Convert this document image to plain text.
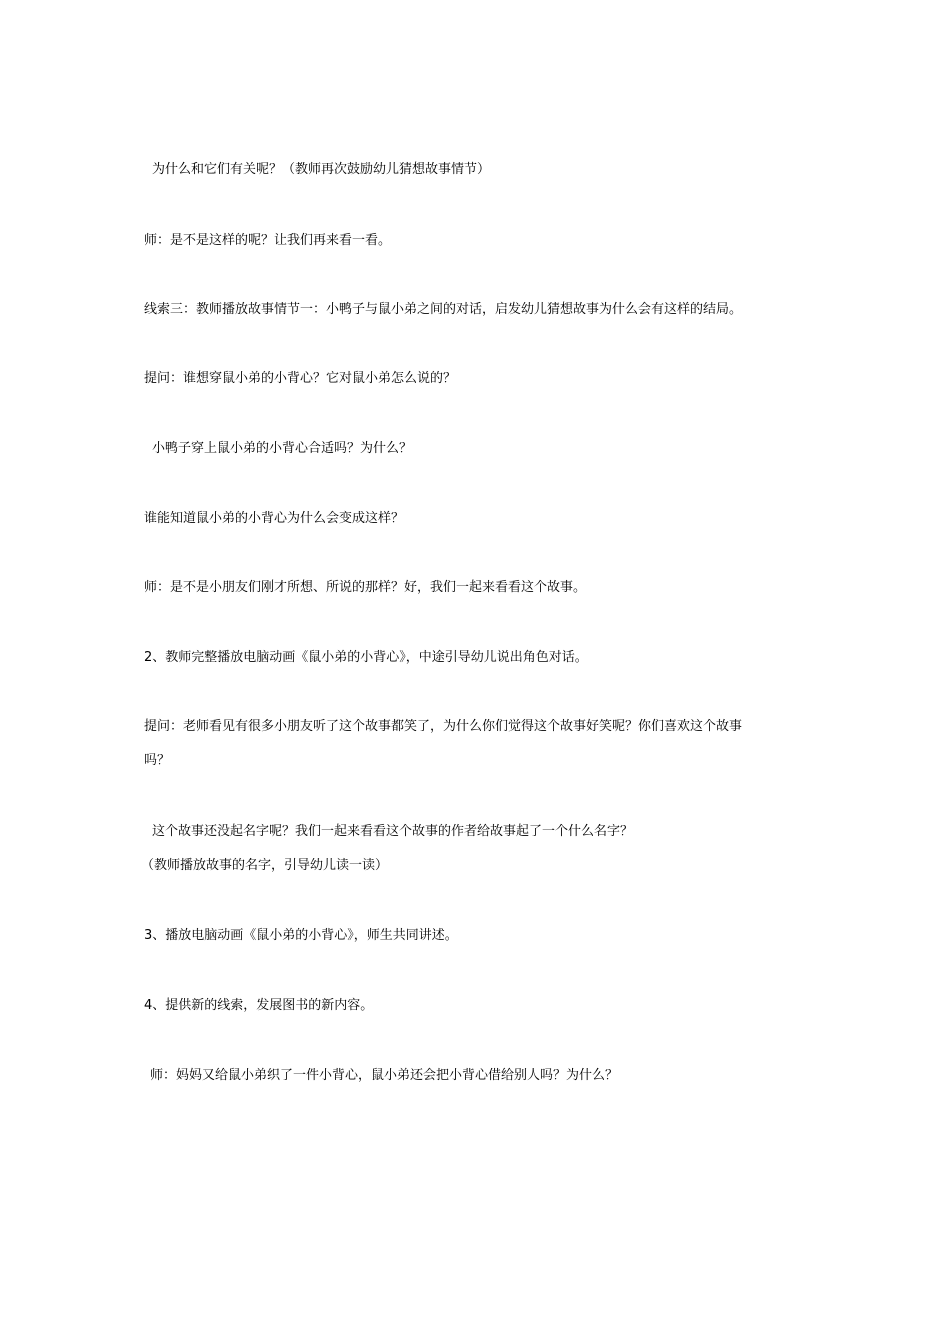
为什么和它们有关呢？（教师再次鼓励幼儿猜想故事情节）
师：是不是这样的呢？让我们再来看一看。
线索三：教师播放故事情节一：小鸭子与鼠小弟之间的对话，启发幼儿猜想故事为什么会有这样的结局。
提问：谁想穿鼠小弟的小背心？它对鼠小弟怎么说的？
小鸭子穿上鼠小弟的小背心合适吗？为什么？
谁能知道鼠小弟的小背心为什么会变成这样？
师：是不是小朋友们刚才所想、所说的那样？好，我们一起来看看这个故事。
2、教师完整播放电脑动画《鼠小弟的小背心》，中途引导幼儿说出角色对话。
提问：老师看见有很多小朋友听了这个故事都笑了，为什么你们觉得这个故事好笑呢？你们喜欢这个故事
吗？
这个故事还没起名字呢？我们一起来看看这个故事的作者给故事起了一个什么名字？
（教师播放故事的名字，引导幼儿读一读）
3、播放电脑动画《鼠小弟的小背心》，师生共同讲述。
4、提供新的线索，发展图书的新内容。
师：妈妈又给鼠小弟织了一件小背心，鼠小弟还会把小背心借给别人吗？为什么？
